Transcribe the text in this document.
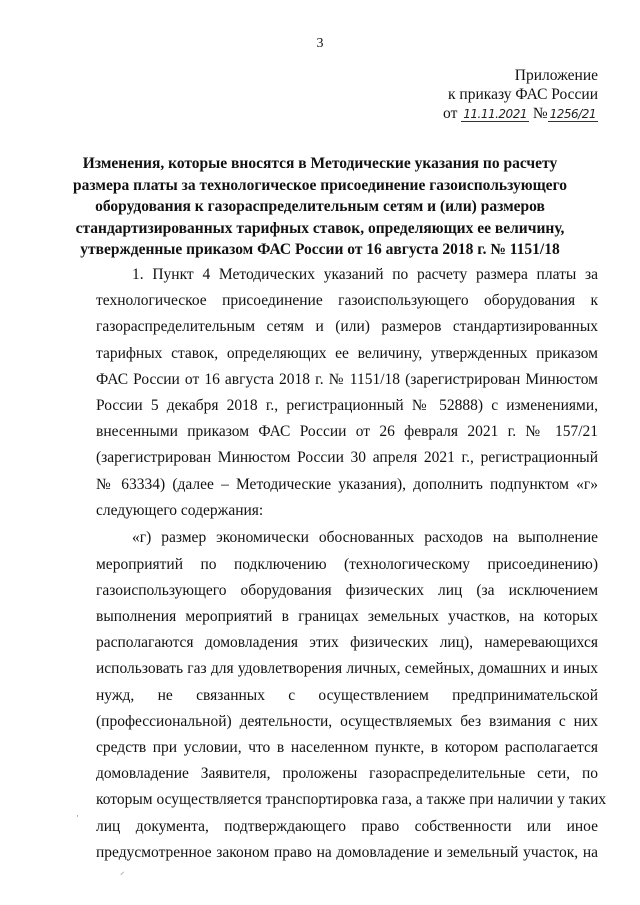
3
Приложение
к приказу ФАС России
от 11.11.2021 № 1256/21
Изменения, которые вносятся в Методические указания по расчету
размера платы за технологическое присоединение газоиспользующего
оборудования к газораспределительным сетям и (или) размеров
стандартизированных тарифных ставок, определяющих ее величину,
утвержденные приказом ФАС России от 16 августа 2018 г. № 1151/18
1. Пункт 4 Методических указаний по расчету размера платы за
технологическое присоединение газоиспользующего оборудования к
газораспределительным сетям и (или) размеров стандартизированных
тарифных ставок, определяющих ее величину, утвержденных приказом
ФАС России от 16 августа 2018 г. № 1151/18 (зарегистрирован Минюстом
России 5 декабря 2018 г., регистрационный № 52888) с изменениями,
внесенными приказом ФАС России от 26 февраля 2021 г. № 157/21
(зарегистрирован Минюстом России 30 апреля 2021 г., регистрационный
№ 63334) (далее – Методические указания), дополнить подпунктом «г»
следующего содержания:
«г) размер экономически обоснованных расходов на выполнение
мероприятий по подключению (технологическому присоединению)
газоиспользующего оборудования физических лиц (за исключением
выполнения мероприятий в границах земельных участков, на которых
располагаются домовладения этих физических лиц), намеревающихся
использовать газ для удовлетворения личных, семейных, домашних и иных
нужд, не связанных с осуществлением предпринимательской
(профессиональной) деятельности, осуществляемых без взимания с них
средств при условии, что в населенном пункте, в котором располагается
домовладение Заявителя, проложены газораспределительные сети, по
которым осуществляется транспортировка газа, а также при наличии у таких
лиц документа, подтверждающего право собственности или иное
предусмотренное законом право на домовладение и земельный участок, на
·
⸍
